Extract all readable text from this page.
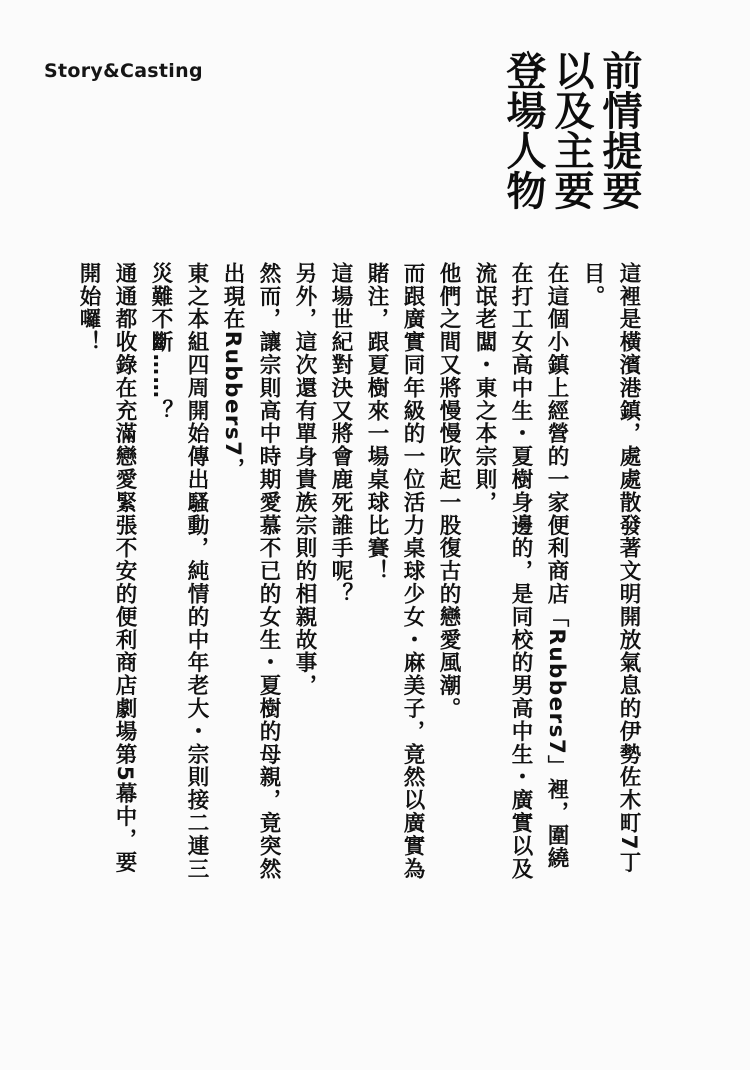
Story&Casting	前情提要
以及主要
登場人物

這裡是橫濱港鎮，處處散發著文明開放氣息的伊勢佐木町7丁目。

在這個小鎮上經營的一家便利商店「Rubbers7」裡，圍繞在打工女高中生・夏樹身邊的，是同校的男高中生・廣實以及流氓老闆・東之本宗則，

他們之間又將慢慢吹起一股復古的戀愛風潮。

而跟廣實同年級的一位活力桌球少女・麻美子，竟然以廣實為賭注，跟夏樹來一場桌球比賽！

這場世紀對決又將會鹿死誰手呢？

另外，這次還有單身貴族宗則的相親故事，

然而，讓宗則高中時期愛慕不已的女生・夏樹的母親，竟突然出現在Rubbers7，

東之本組四周開始傳出騷動，純情的中年老大・宗則接二連三災難不斷……？

通通都收錄在充滿戀愛緊張不安的便利商店劇場第5幕中，要開始囉！
